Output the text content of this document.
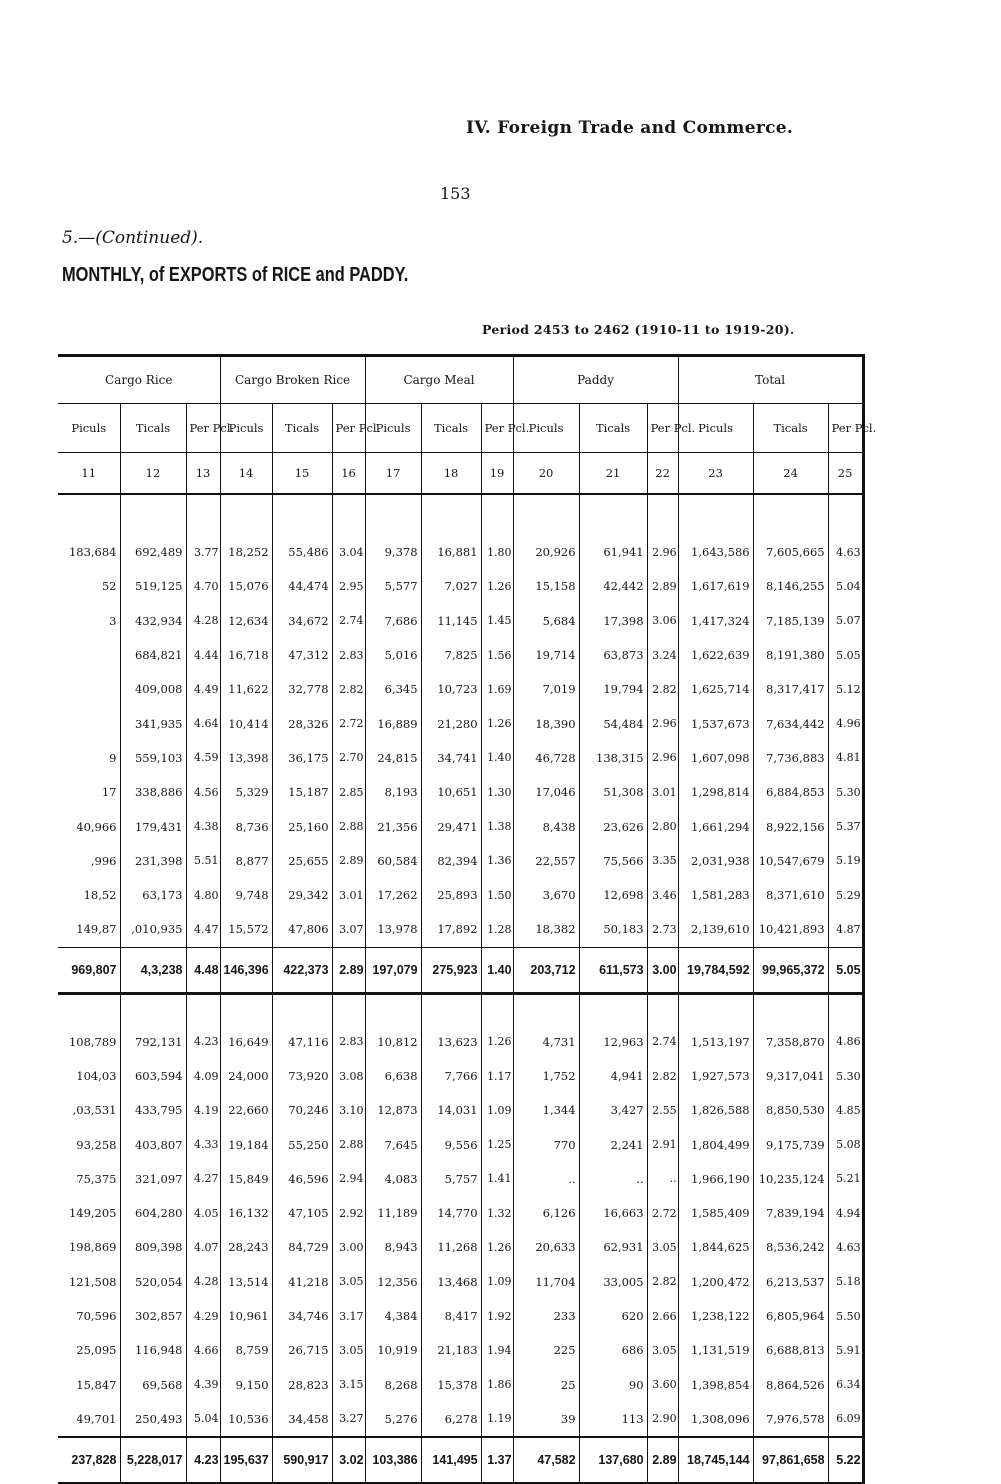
IV. Foreign Trade and Commerce.
153
5.—(Continued).
MONTHLY, of EXPORTS of RICE and PADDY.
Period 2453 to 2462 (1910-11 to 1919-20).
Cargo Rice			Cargo Broken Rice			Cargo Meal			Paddy			Total		
Piculs	Ticals	Per Pcl.	Piculs	Ticals	Per Pcl.	Piculs	Ticals	Per Pcl.	Piculs	Ticals	Per Pcl.	Piculs	Ticals	Per Pcl.
11	12	13	14	15	16	17	18	19	20	21	22	23	24	25

183,684	692,489	3.77	18,252	55,486	3.04	9,378	16,881	1.80	20,926	61,941	2.96	1,643,586	7,605,665	4.63
52	519,125	4.70	15,076	44,474	2.95	5,577	7,027	1.26	15,158	42,442	2.89	1,617,619	8,146,255	5.04
3	432,934	4.28	12,634	34,672	2.74	7,686	11,145	1.45	5,684	17,398	3.06	1,417,324	7,185,139	5.07
	684,821	4.44	16,718	47,312	2.83	5,016	7,825	1.56	19,714	63,873	3.24	1,622,639	8,191,380	5.05
	409,008	4.49	11,622	32,778	2.82	6,345	10,723	1.69	7,019	19,794	2.82	1,625,714	8,317,417	5.12
	341,935	4.64	10,414	28,326	2.72	16,889	21,280	1.26	18,390	54,484	2.96	1,537,673	7,634,442	4.96
9	559,103	4.59	13,398	36,175	2.70	24,815	34,741	1.40	46,728	138,315	2.96	1,607,098	7,736,883	4.81
17	338,886	4.56	5,329	15,187	2.85	8,193	10,651	1.30	17,046	51,308	3.01	1,298,814	6,884,853	5.30
40,966	179,431	4.38	8,736	25,160	2.88	21,356	29,471	1.38	8,438	23,626	2.80	1,661,294	8,922,156	5.37
,996	231,398	5.51	8,877	25,655	2.89	60,584	82,394	1.36	22,557	75,566	3.35	2,031,938	10,547,679	5.19
18,52	63,173	4.80	9,748	29,342	3.01	17,262	25,893	1.50	3,670	12,698	3.46	1,581,283	8,371,610	5.29
149,87	,010,935	4.47	15,572	47,806	3.07	13,978	17,892	1.28	18,382	50,183	2.73	2,139,610	10,421,893	4.87
969,807	4,3,238	4.48	146,396	422,373	2.89	197,079	275,923	1.40	203,712	611,573	3.00	19,784,592	99,965,372	5.05

108,789	792,131	4.23	16,649	47,116	2.83	10,812	13,623	1.26	4,731	12,963	2.74	1,513,197	7,358,870	4.86
104,03	603,594	4.09	24,000	73,920	3.08	6,638	7,766	1.17	1,752	4,941	2.82	1,927,573	9,317,041	5.30
,03,531	433,795	4.19	22,660	70,246	3.10	12,873	14,031	1.09	1,344	3,427	2.55	1,826,588	8,850,530	4.85
93,258	403,807	4.33	19,184	55,250	2.88	7,645	9,556	1.25	770	2,241	2.91	1,804,499	9,175,739	5.08
75,375	321,097	4.27	15,849	46,596	2.94	4,083	5,757	1.41	..	..	..	1,966,190	10,235,124	5.21
149,205	604,280	4.05	16,132	47,105	2.92	11,189	14,770	1.32	6,126	16,663	2.72	1,585,409	7,839,194	4.94
198,869	809,398	4.07	28,243	84,729	3.00	8,943	11,268	1.26	20,633	62,931	3.05	1,844,625	8,536,242	4.63
121,508	520,054	4.28	13,514	41,218	3.05	12,356	13,468	1.09	11,704	33,005	2.82	1,200,472	6,213,537	5.18
70,596	302,857	4.29	10,961	34,746	3.17	4,384	8,417	1.92	233	620	2.66	1,238,122	6,805,964	5.50
25,095	116,948	4.66	8,759	26,715	3.05	10,919	21,183	1.94	225	686	3.05	1,131,519	6,688,813	5.91
15,847	69,568	4.39	9,150	28,823	3.15	8,268	15,378	1.86	25	90	3.60	1,398,854	8,864,526	6.34
49,701	250,493	5.04	10,536	34,458	3.27	5,276	6,278	1.19	39	113	2.90	1,308,096	7,976,578	6.09
237,828	5,228,017	4.23	195,637	590,917	3.02	103,386	141,495	1.37	47,582	137,680	2.89	18,745,144	97,861,658	5.22
